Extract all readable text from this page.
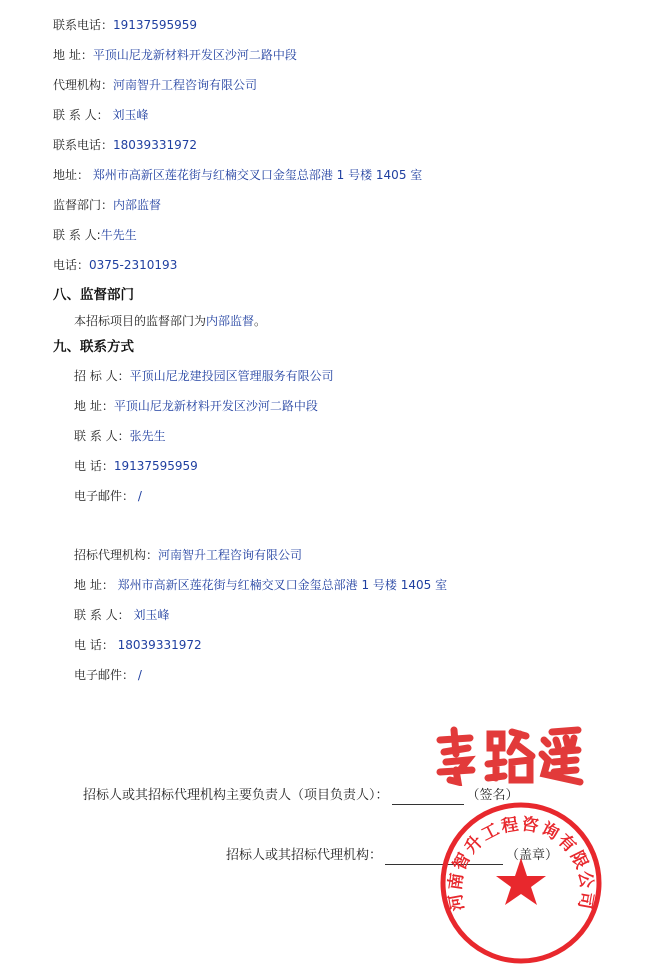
联系电话：19137595959
地 址：平顶山尼龙新材料开发区沙河二路中段
代理机构：河南智升工程咨询有限公司
联 系 人： 刘玉峰
联系电话：18039331972
地址： 郑州市高新区莲花街与红楠交叉口金玺总部港 1 号楼 1405 室
监督部门：内部监督
联 系 人:牛先生
电话：0375-2310193
八、监督部门
本招标项目的监督部门为内部监督。
九、联系方式
招 标 人：平顶山尼龙建投园区管理服务有限公司
地 址：平顶山尼龙新材料开发区沙河二路中段
联 系 人：张先生
电 话：19137595959
电子邮件： /
招标代理机构：河南智升工程咨询有限公司
地 址： 郑州市高新区莲花街与红楠交叉口金玺总部港 1 号楼 1405 室
联 系 人： 刘玉峰
电 话： 18039331972
电子邮件： /
招标人或其招标代理机构主要负责人（项目负责人）：	（签名）
招标人或其招标代理机构：	（盖章）
河南智升工程咨询有限公司
